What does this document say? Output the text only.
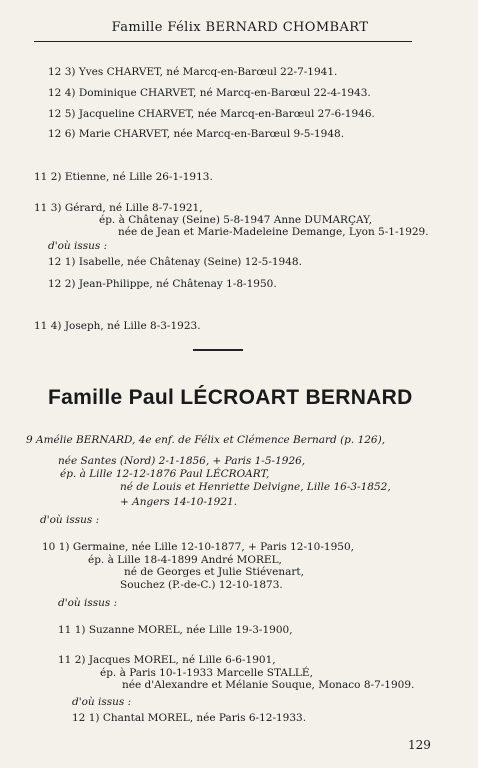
Famille Félix BERNARD CHOMBART
12 3) Yves CHARVET, né Marcq-en-Barœul 22-7-1941.
12 4) Dominique CHARVET, né Marcq-en-Barœul 22-4-1943.
12 5) Jacqueline CHARVET, née Marcq-en-Barœul 27-6-1946.
12 6) Marie CHARVET, née Marcq-en-Barœul 9-5-1948.
11 2) Etienne, né Lille 26-1-1913.
11 3) Gérard, né Lille 8-7-1921,
ép. à Châtenay (Seine) 5-8-1947 Anne DUMARÇAY,
née de Jean et Marie-Madeleine Demange, Lyon 5-1-1929.
d'où issus :
12 1) Isabelle, née Châtenay (Seine) 12-5-1948.
12 2) Jean-Philippe, né Châtenay 1-8-1950.
11 4) Joseph, né Lille 8-3-1923.
Famille Paul LÉCROART BERNARD
9 Amélie BERNARD, 4e enf. de Félix et Clémence Bernard (p. 126),
née Santes (Nord) 2-1-1856, + Paris 1-5-1926,
ép. à Lille 12-12-1876 Paul LÉCROART,
né de Louis et Henriette Delvigne, Lille 16-3-1852,
+ Angers 14-10-1921.
d'où issus :
10 1) Germaine, née Lille 12-10-1877, + Paris 12-10-1950,
ép. à Lille 18-4-1899 André MOREL,
né de Georges et Julie Stiévenart,
Souchez (P.-de-C.) 12-10-1873.
d'où issus :
11 1) Suzanne MOREL, née Lille 19-3-1900,
11 2) Jacques MOREL, né Lille 6-6-1901,
ép. à Paris 10-1-1933 Marcelle STALLÉ,
née d'Alexandre et Mélanie Souque, Monaco 8-7-1909.
d'où issus :
12 1) Chantal MOREL, née Paris 6-12-1933.
129
